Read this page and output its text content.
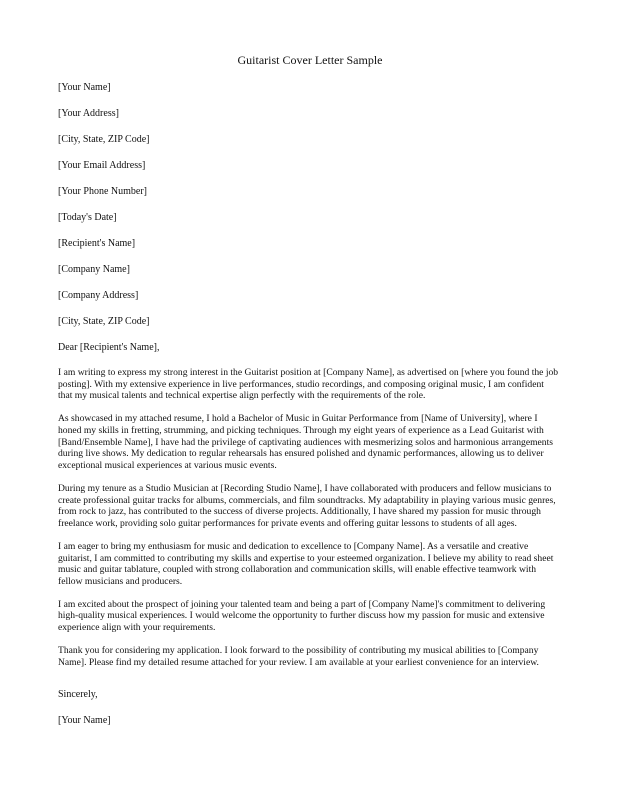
Guitarist Cover Letter Sample
[Your Name]
[Your Address]
[City, State, ZIP Code]
[Your Email Address]
[Your Phone Number]
[Today's Date]
[Recipient's Name]
[Company Name]
[Company Address]
[City, State, ZIP Code]
Dear [Recipient's Name],

I am writing to express my strong interest in the Guitarist position at [Company Name], as advertised on [where you found the job posting]. With my extensive experience in live performances, studio recordings, and composing original music, I am confident that my musical talents and technical expertise align perfectly with the requirements of the role.

As showcased in my attached resume, I hold a Bachelor of Music in Guitar Performance from [Name of University], where I honed my skills in fretting, strumming, and picking techniques. Through my eight years of experience as a Lead Guitarist with [Band/Ensemble Name], I have had the privilege of captivating audiences with mesmerizing solos and harmonious arrangements during live shows. My dedication to regular rehearsals has ensured polished and dynamic performances, allowing us to deliver exceptional musical experiences at various music events.

During my tenure as a Studio Musician at [Recording Studio Name], I have collaborated with producers and fellow musicians to create professional guitar tracks for albums, commercials, and film soundtracks. My adaptability in playing various music genres, from rock to jazz, has contributed to the success of diverse projects. Additionally, I have shared my passion for music through freelance work, providing solo guitar performances for private events and offering guitar lessons to students of all ages.

I am eager to bring my enthusiasm for music and dedication to excellence to [Company Name]. As a versatile and creative guitarist, I am committed to contributing my skills and expertise to your esteemed organization. I believe my ability to read sheet music and guitar tablature, coupled with strong collaboration and communication skills, will enable effective teamwork with fellow musicians and producers.

I am excited about the prospect of joining your talented team and being a part of [Company Name]'s commitment to delivering high-quality musical experiences. I would welcome the opportunity to further discuss how my passion for music and extensive experience align with your requirements.

Thank you for considering my application. I look forward to the possibility of contributing my musical abilities to [Company Name]. Please find my detailed resume attached for your review. I am available at your earliest convenience for an interview.

Sincerely,
[Your Name]
